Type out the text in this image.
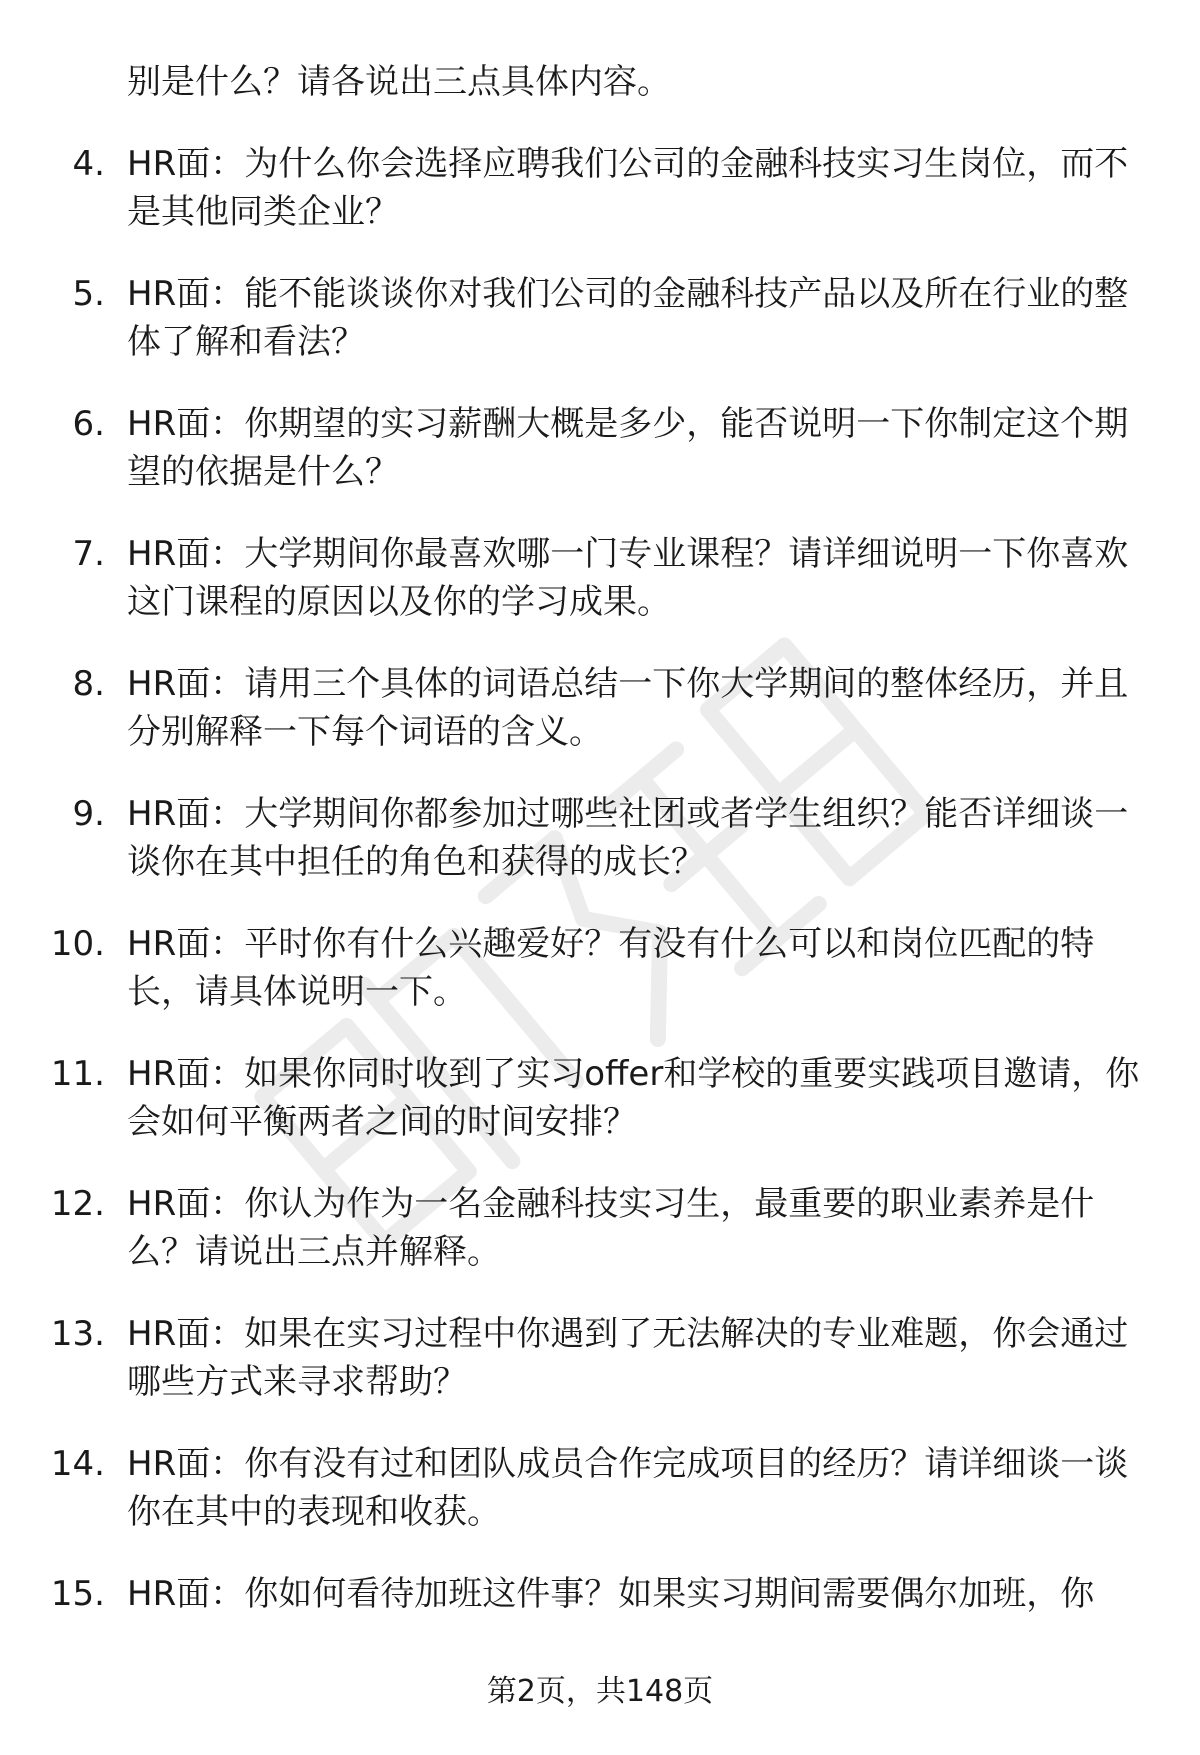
别是什么？请各说出三点具体内容。
4. HR面：为什么你会选择应聘我们公司的金融科技实习生岗位，而不是其他同类企业？
5. HR面：能不能谈谈你对我们公司的金融科技产品以及所在行业的整体了解和看法？
6. HR面：你期望的实习薪酬大概是多少，能否说明一下你制定这个期望的依据是什么？
7. HR面：大学期间你最喜欢哪一门专业课程？请详细说明一下你喜欢这门课程的原因以及你的学习成果。
8. HR面：请用三个具体的词语总结一下你大学期间的整体经历，并且分别解释一下每个词语的含义。
9. HR面：大学期间你都参加过哪些社团或者学生组织？能否详细谈一谈你在其中担任的角色和获得的成长？
10. HR面：平时你有什么兴趣爱好？有没有什么可以和岗位匹配的特长，请具体说明一下。
11. HR面：如果你同时收到了实习offer和学校的重要实践项目邀请，你会如何平衡两者之间的时间安排？
12. HR面：你认为作为一名金融科技实习生，最重要的职业素养是什么？请说出三点并解释。
13. HR面：如果在实习过程中你遇到了无法解决的专业难题，你会通过哪些方式来寻求帮助？
14. HR面：你有没有过和团队成员合作完成项目的经历？请详细谈一谈你在其中的表现和收获。
15. HR面：你如何看待加班这件事？如果实习期间需要偶尔加班，你
第2页，共148页
